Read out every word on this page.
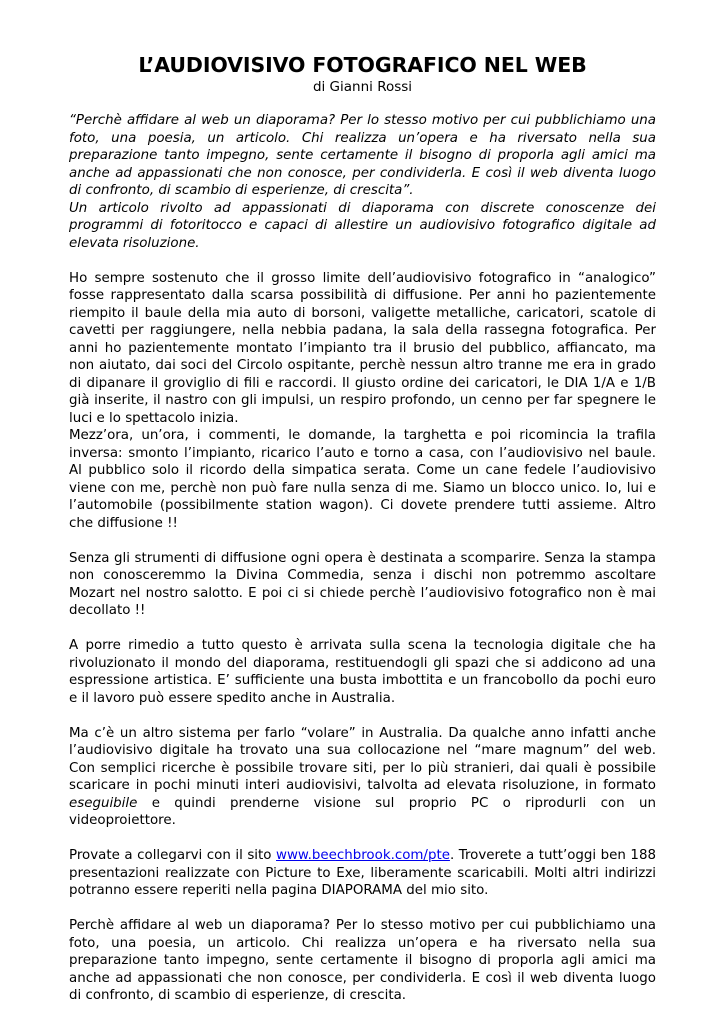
L’AUDIOVISIVO FOTOGRAFICO NEL WEB
di Gianni Rossi

“Perchè affidare al web un diaporama? Per lo stesso motivo per cui pubblichiamo una foto, una poesia, un articolo. Chi realizza un’opera e ha riversato nella sua preparazione tanto impegno, sente certamente il bisogno di proporla agli amici ma anche ad appassionati che non conosce, per condividerla. E così il web diventa luogo di confronto, di scambio di esperienze, di crescita”.

Un articolo rivolto ad appassionati di diaporama con discrete conoscenze dei programmi di fotoritocco e capaci di allestire un audiovisivo fotografico digitale ad elevata risoluzione.

Ho sempre sostenuto che il grosso limite dell’audiovisivo fotografico in “analogico” fosse rappresentato dalla scarsa possibilità di diffusione. Per anni ho pazientemente riempito il baule della mia auto di borsoni, valigette metalliche, caricatori, scatole di cavetti per raggiungere, nella nebbia padana, la sala della rassegna fotografica. Per anni ho pazientemente montato l’impianto tra il brusio del pubblico, affiancato, ma non aiutato, dai soci del Circolo ospitante, perchè nessun altro tranne me era in grado di dipanare il groviglio di fili e raccordi. Il giusto ordine dei caricatori, le DIA 1/A e 1/B già inserite, il nastro con gli impulsi, un respiro profondo, un cenno per far spegnere le luci e lo spettacolo inizia.

Mezz’ora, un’ora, i commenti, le domande, la targhetta e poi ricomincia la trafila inversa: smonto l’impianto, ricarico l’auto e torno a casa, con l’audiovisivo nel baule. Al pubblico solo il ricordo della simpatica serata. Come un cane fedele l’audiovisivo viene con me, perchè non può fare nulla senza di me. Siamo un blocco unico. Io, lui e l’automobile (possibilmente station wagon). Ci dovete prendere tutti assieme. Altro che diffusione !!

Senza gli strumenti di diffusione ogni opera è destinata a scomparire. Senza la stampa non conosceremmo la Divina Commedia, senza i dischi non potremmo ascoltare Mozart nel nostro salotto. E poi ci si chiede perchè l’audiovisivo fotografico non è mai decollato !!

A porre rimedio a tutto questo è arrivata sulla scena la tecnologia digitale che ha rivoluzionato il mondo del diaporama, restituendogli gli spazi che si addicono ad una espressione artistica. E’ sufficiente una busta imbottita e un francobollo da pochi euro e il lavoro può essere spedito anche in Australia.

Ma c’è un altro sistema per farlo “volare” in Australia. Da qualche anno infatti anche l’audiovisivo digitale ha trovato una sua collocazione nel “mare magnum” del web. Con semplici ricerche è possibile trovare siti, per lo più stranieri, dai quali è possibile scaricare in pochi minuti interi audiovisivi, talvolta ad elevata risoluzione, in formato eseguibile e quindi prenderne visione sul proprio PC o riprodurli con un videoproiettore.

Provate a collegarvi con il sito www.beechbrook.com/pte. Troverete a tutt’oggi ben 188 presentazioni realizzate con Picture to Exe, liberamente scaricabili. Molti altri indirizzi potranno essere reperiti nella pagina DIAPORAMA del mio sito.

Perchè affidare al web un diaporama? Per lo stesso motivo per cui pubblichiamo una foto, una poesia, un articolo. Chi realizza un’opera e ha riversato nella sua preparazione tanto impegno, sente certamente il bisogno di proporla agli amici ma anche ad appassionati che non conosce, per condividerla. E così il web diventa luogo di confronto, di scambio di esperienze, di crescita.
